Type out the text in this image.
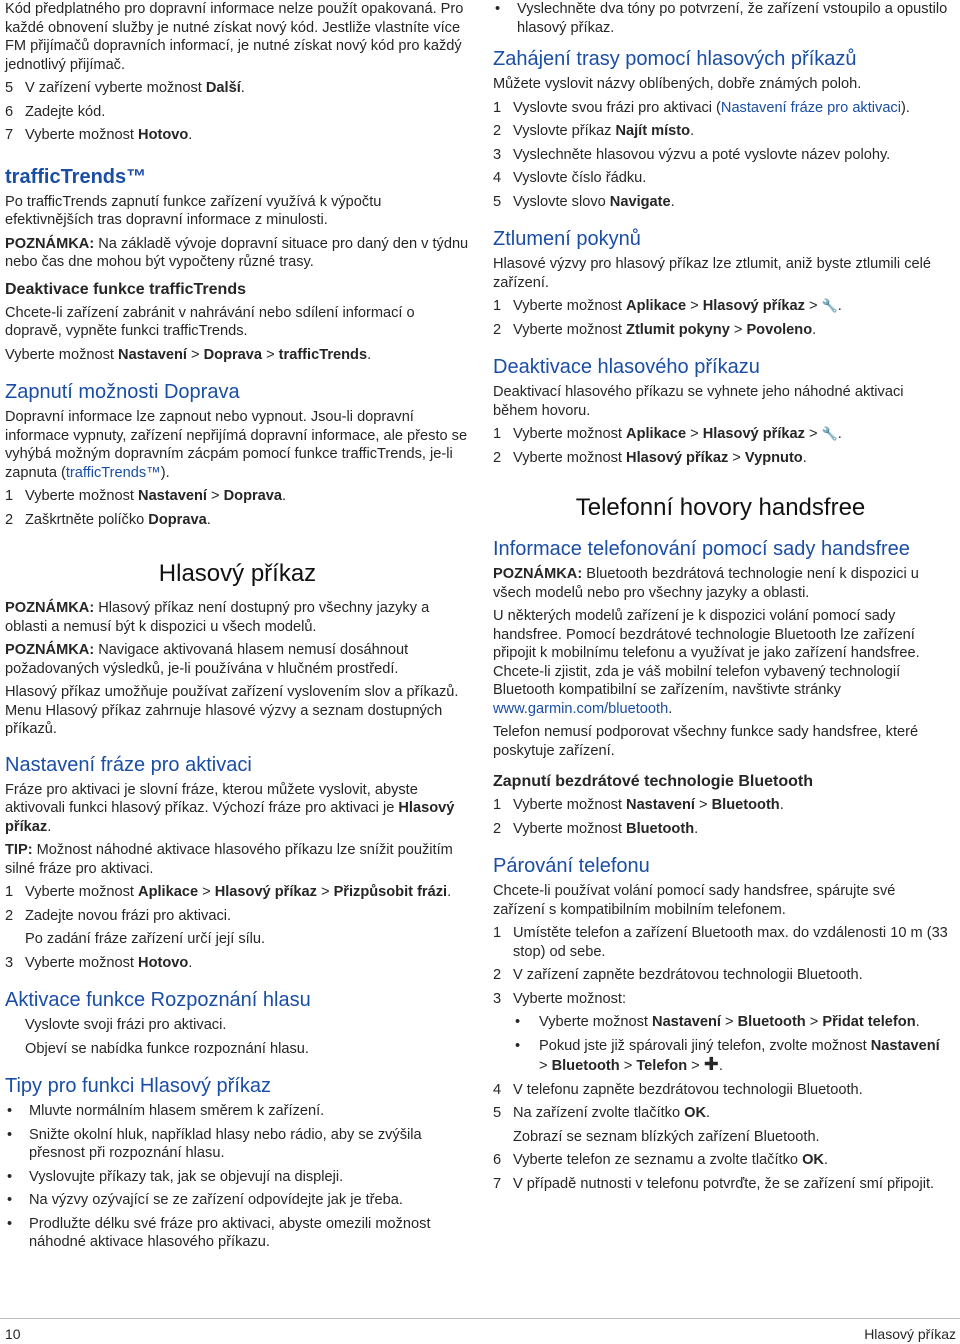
Kód předplatného pro dopravní informace nelze použít opakovaná. Pro každé obnovení služby je nutné získat nový kód. Jestliže vlastníte více FM přijímačů dopravních informací, je nutné získat nový kód pro každý jednotlivý přijímač.

5 V zařízení vyberte možnost Další.
6 Zadejte kód.
7 Vyberte možnost Hotovo.
trafficTrends™

Po trafficTrends zapnutí funkce zařízení využívá k výpočtu efektivnějších tras dopravní informace z minulosti.

POZNÁMKA: Na základě vývoje dopravní situace pro daný den v týdnu nebo čas dne mohou být vypočteny různé trasy.

Deaktivace funkce trafficTrends

Chcete-li zařízení zabránit v nahrávání nebo sdílení informací o dopravě, vypněte funkci trafficTrends.

Vyberte možnost Nastavení > Doprava > trafficTrends.

Zapnutí možnosti Doprava

Dopravní informace lze zapnout nebo vypnout. Jsou-li dopravní informace vypnuty, zařízení nepřijímá dopravní informace, ale přesto se vyhýbá možným dopravním zácpám pomocí funkce trafficTrends, je-li zapnuta (trafficTrends™).

1 Vyberte možnost Nastavení > Doprava.
2 Zaškrtněte políčko Doprava.
Hlasový příkaz

POZNÁMKA: Hlasový příkaz není dostupný pro všechny jazyky a oblasti a nemusí být k dispozici u všech modelů.

POZNÁMKA: Navigace aktivovaná hlasem nemusí dosáhnout požadovaných výsledků, je-li používána v hlučném prostředí.

Hlasový příkaz umožňuje používat zařízení vyslovením slov a příkazů. Menu Hlasový příkaz zahrnuje hlasové výzvy a seznam dostupných příkazů.

Nastavení fráze pro aktivaci

Fráze pro aktivaci je slovní fráze, kterou můžete vyslovit, abyste aktivovali funkci hlasový příkaz. Výchozí fráze pro aktivaci je Hlasový příkaz.

TIP: Možnost náhodné aktivace hlasového příkazu lze snížit použitím silné fráze pro aktivaci.

1 Vyberte možnost Aplikace > Hlasový příkaz > Přizpůsobit frázi.
2 Zadejte novou frázi pro aktivaci.

Po zadání fráze zařízení určí její sílu.

3 Vyberte možnost Hotovo.
Aktivace funkce Rozpoznání hlasu

Vyslovte svoji frázi pro aktivaci.

Objeví se nabídka funkce rozpoznání hlasu.

Tipy pro funkci Hlasový příkaz
•	Mluvte normálním hlasem směrem k zařízení.
•	Snižte okolní hluk, například hlasy nebo rádio, aby se zvýšila přesnost při rozpoznání hlasu.
•	Vyslovujte příkazy tak, jak se objevují na displeji.
•	Na výzvy ozývající se ze zařízení odpovídejte jak je třeba.
•	Prodlužte délku své fráze pro aktivaci, abyste omezili možnost náhodné aktivace hlasového příkazu.
•	Vyslechněte dva tóny po potvrzení, že zařízení vstoupilo a opustilo hlasový příkaz.
Zahájení trasy pomocí hlasových příkazů

Můžete vyslovit názvy oblíbených, dobře známých poloh.

1 Vyslovte svou frázi pro aktivaci (Nastavení fráze pro aktivaci).
2 Vyslovte příkaz Najít místo.
3 Vyslechněte hlasovou výzvu a poté vyslovte název polohy.
4 Vyslovte číslo řádku.
5 Vyslovte slovo Navigate.
Ztlumení pokynů

Hlasové výzvy pro hlasový příkaz lze ztlumit, aniž byste ztlumili celé zařízení.

1 Vyberte možnost Aplikace > Hlasový příkaz > 🔧.
2 Vyberte možnost Ztlumit pokyny > Povoleno.
Deaktivace hlasového příkazu

Deaktivací hlasového příkazu se vyhnete jeho náhodné aktivaci během hovoru.

1 Vyberte možnost Aplikace > Hlasový příkaz > 🔧.
2 Vyberte možnost Hlasový příkaz > Vypnuto.
Telefonní hovory handsfree
Informace telefonování pomocí sady handsfree

POZNÁMKA: Bluetooth bezdrátová technologie není k dispozici u všech modelů nebo pro všechny jazyky a oblasti.

U některých modelů zařízení je k dispozici volání pomocí sady handsfree. Pomocí bezdrátové technologie Bluetooth lze zařízení připojit k mobilnímu telefonu a využívat je jako zařízení handsfree. Chcete-li zjistit, zda je váš mobilní telefon vybavený technologií Bluetooth kompatibilní se zařízením, navštivte stránky www.garmin.com/bluetooth.

Telefon nemusí podporovat všechny funkce sady handsfree, které poskytuje zařízení.

Zapnutí bezdrátové technologie Bluetooth
1 Vyberte možnost Nastavení > Bluetooth.
2 Vyberte možnost Bluetooth.
Párování telefonu

Chcete-li používat volání pomocí sady handsfree, spárujte své zařízení s kompatibilním mobilním telefonem.

1 Umístěte telefon a zařízení Bluetooth max. do vzdálenosti 10 m (33 stop) od sebe.
2 V zařízení zapněte bezdrátovou technologii Bluetooth.
3 Vyberte možnost:
•	Vyberte možnost Nastavení > Bluetooth > Přidat telefon.
•	Pokud jste již spárovali jiný telefon, zvolte možnost Nastavení > Bluetooth > Telefon > ✚.
4 V telefonu zapněte bezdrátovou technologii Bluetooth.
5 Na zařízení zvolte tlačítko OK.

Zobrazí se seznam blízkých zařízení Bluetooth.

6 Vyberte telefon ze seznamu a zvolte tlačítko OK.
7 V případě nutnosti v telefonu potvrďte, že se zařízení smí připojit.
10	Hlasový příkaz
